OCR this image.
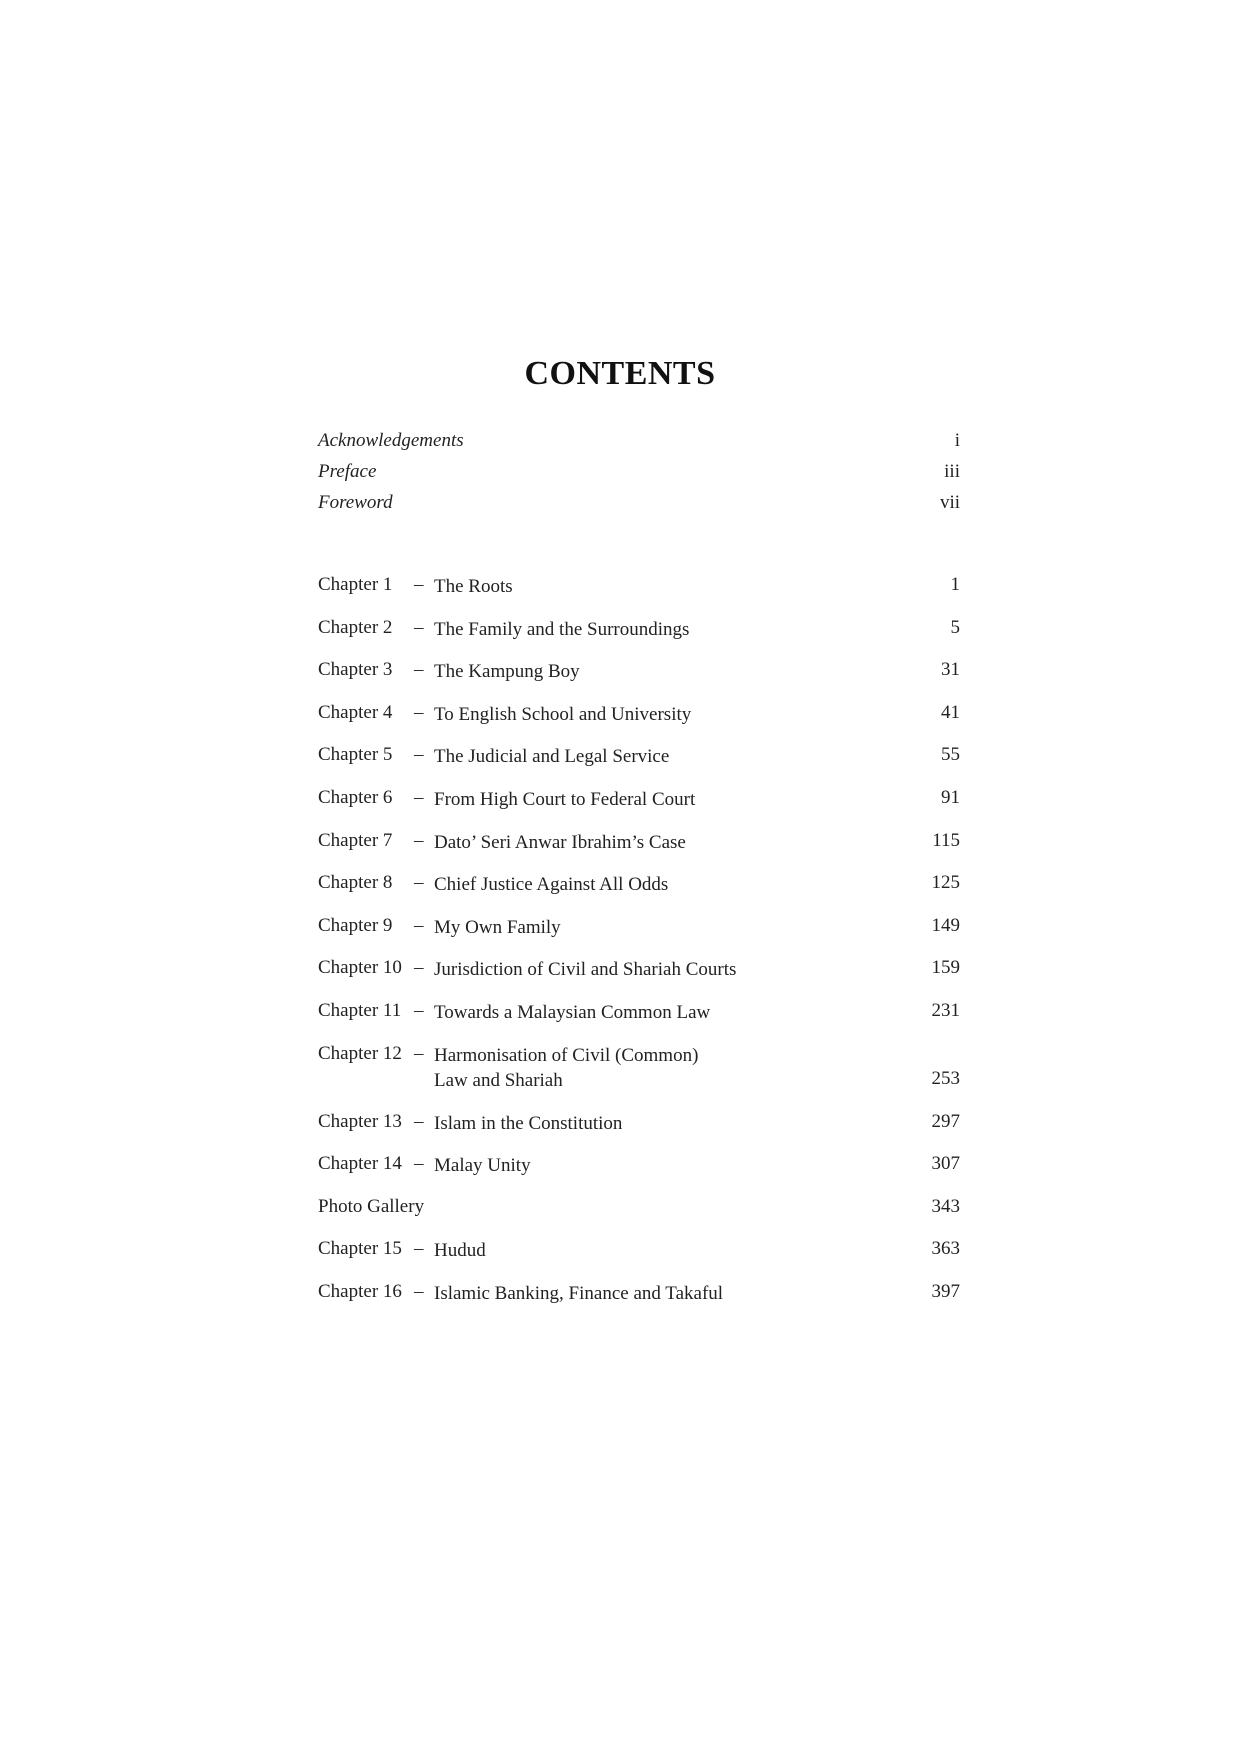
CONTENTS
Acknowledgements	i
Preface	iii
Foreword	vii
Chapter 1 – The Roots	1
Chapter 2 – The Family and the Surroundings	5
Chapter 3 – The Kampung Boy	31
Chapter 4 – To English School and University	41
Chapter 5 – The Judicial and Legal Service	55
Chapter 6 – From High Court to Federal Court	91
Chapter 7 – Dato’ Seri Anwar Ibrahim’s Case	115
Chapter 8 – Chief Justice Against All Odds	125
Chapter 9 – My Own Family	149
Chapter 10 – Jurisdiction of Civil and Shariah Courts	159
Chapter 11 – Towards a Malaysian Common Law	231
Chapter 12 – Harmonisation of Civil (Common) Law and Shariah	253
Chapter 13 – Islam in the Constitution	297
Chapter 14 – Malay Unity	307
Photo Gallery	343
Chapter 15 – Hudud	363
Chapter 16 – Islamic Banking, Finance and Takaful	397
